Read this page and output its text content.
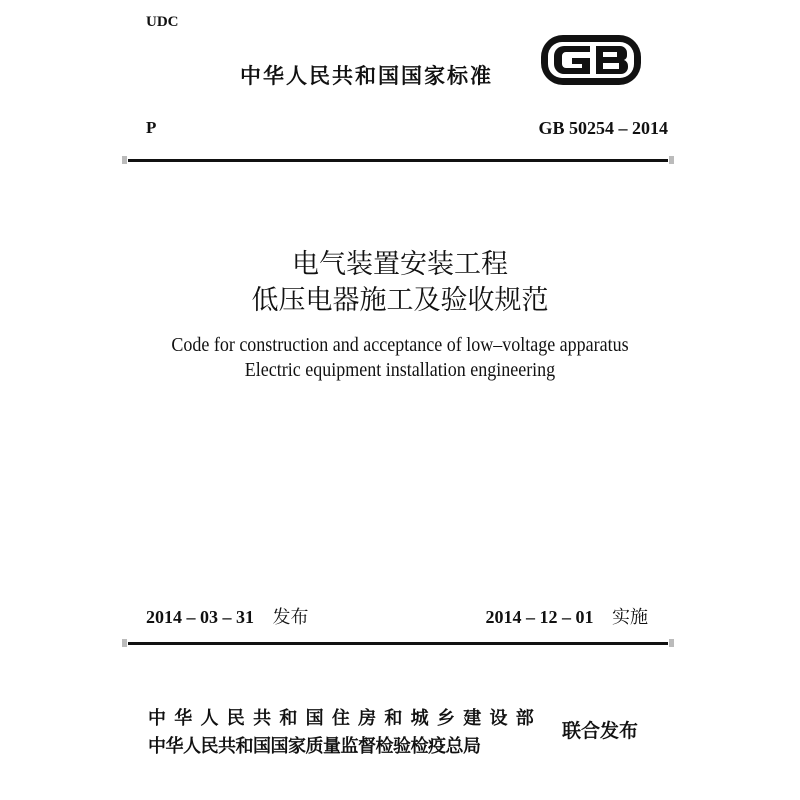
UDC
中华人民共和国国家标准
P	GB 50254 – 2014
电气装置安装工程
低压电器施工及验收规范
Code for construction and acceptance of low–voltage apparatus
Electric equipment installation engineering
2014 – 03 – 31 发布	2014 – 12 – 01 实施
中 华 人 民 共 和 国 住 房 和 城 乡 建 设 部
中华人民共和国国家质量监督检验检疫总局
联合发布
